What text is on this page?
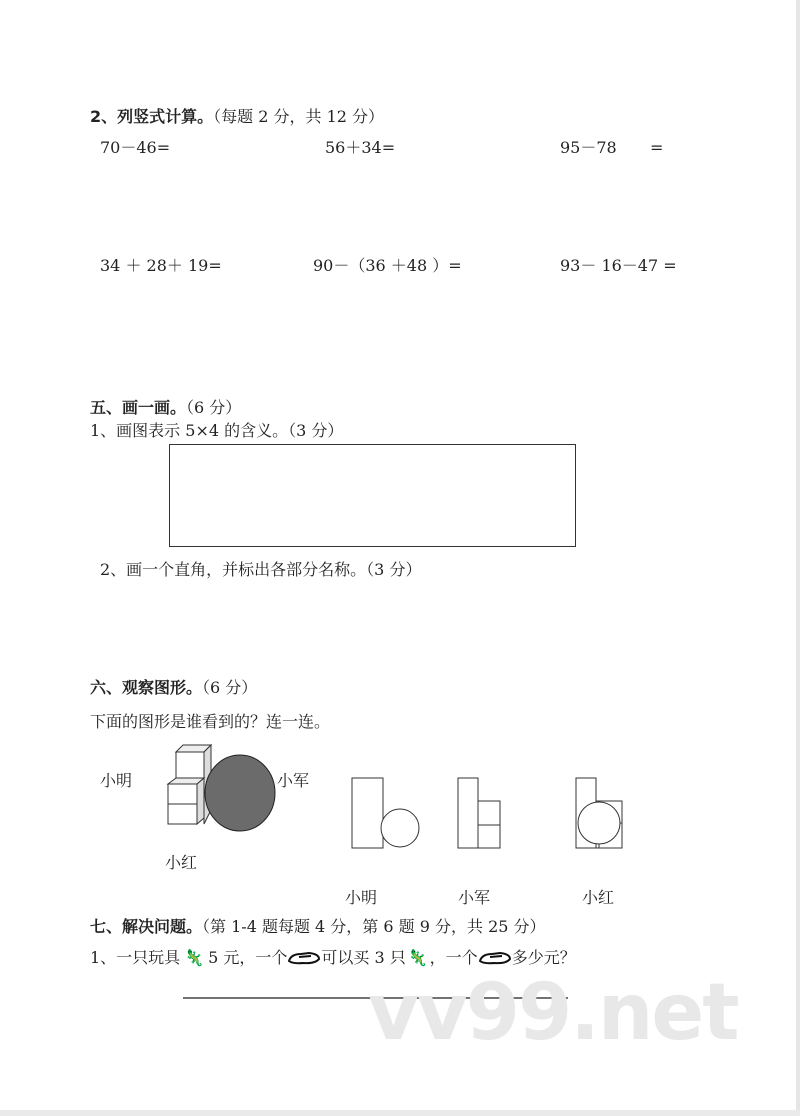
2、列竖式计算。（每题 2 分，共 12 分）
70－46=	56＋34=	95－78 =
34 ＋ 28＋ 19=	90－（36 ＋48 ）=	93－ 16－47 =
五、画一画。（6 分）
1、画图表示 5×4 的含义。（3 分）
2、画一个直角，并标出各部分名称。（3 分）
六、观察图形。（6 分）
下面的图形是谁看到的？连一连。
小明	小军
小红
小明	小军	小红
七、解决问题。（第 1-4 题每题 4 分，第 6 题 9 分，共 25 分）
1、一只玩具 🦎 5 元，一个 可以买 3 只 🦎 ，一个 多少元？
vv99.net
